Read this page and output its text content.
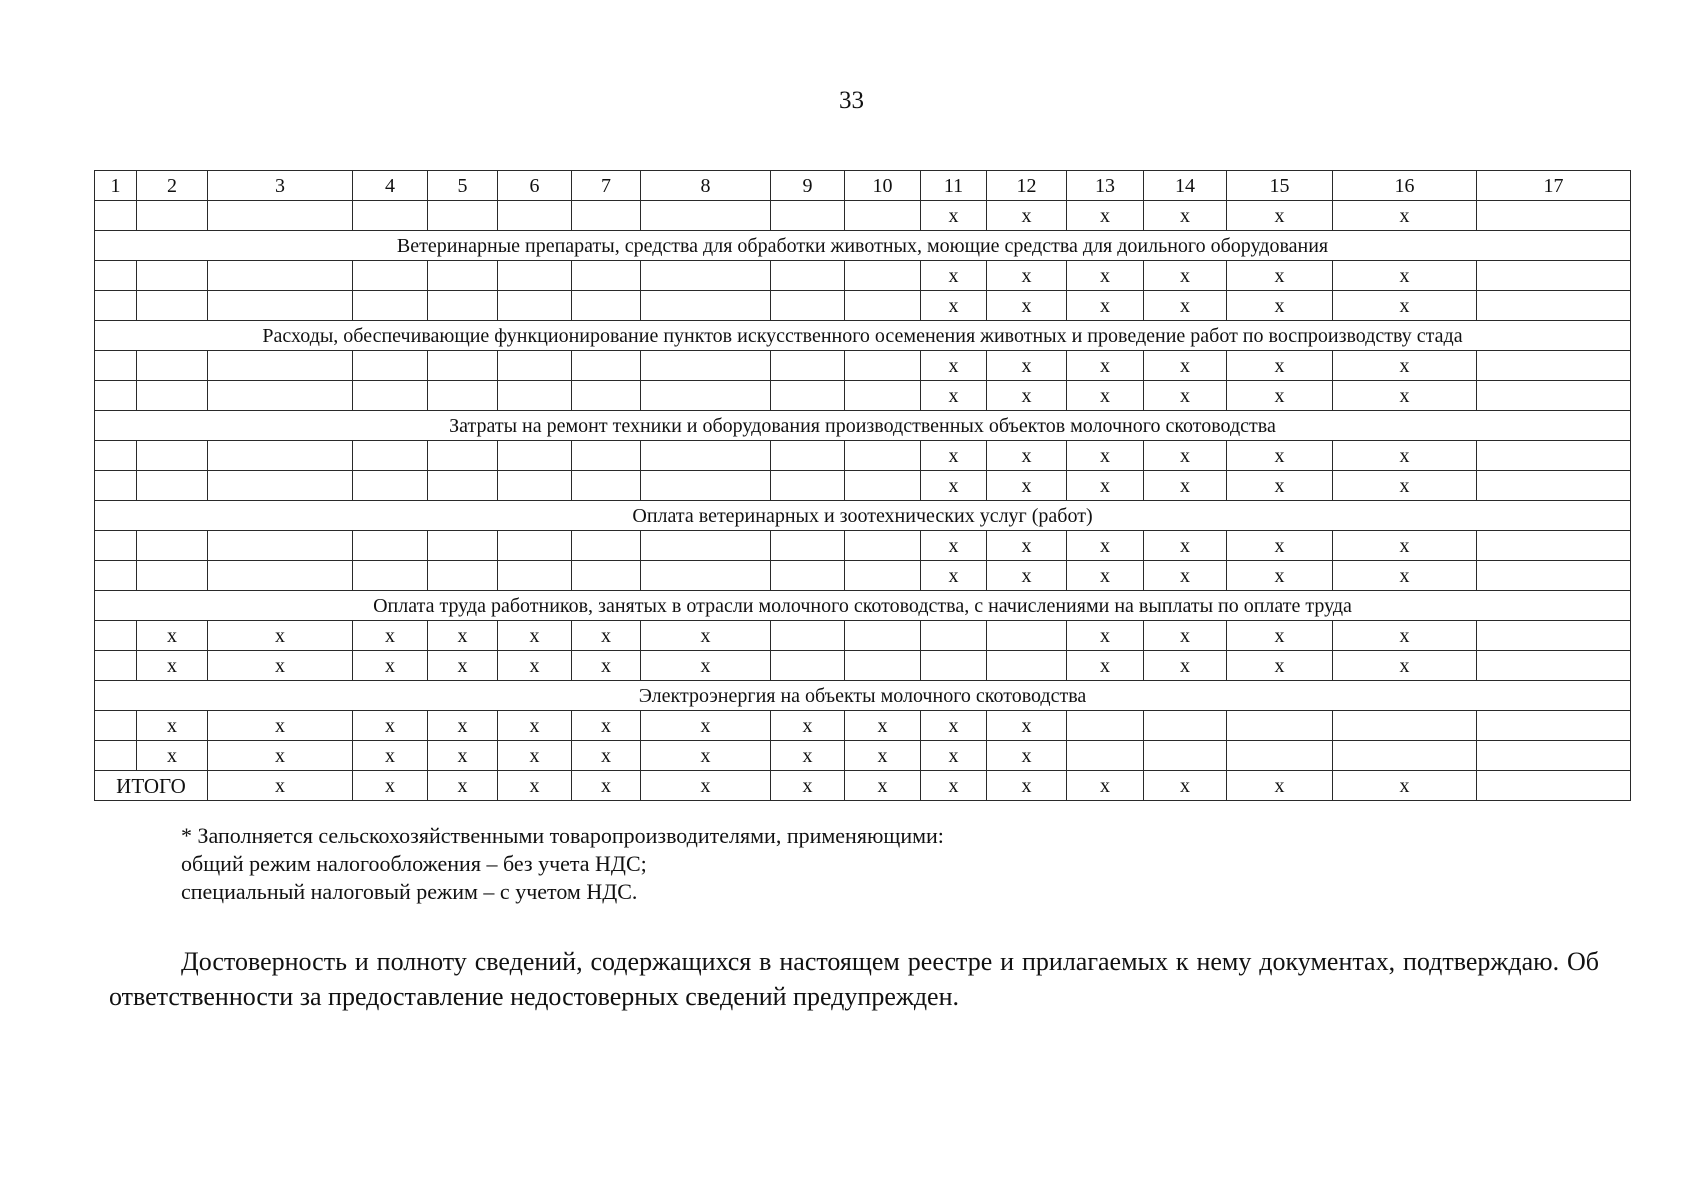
33
1	2	3	4	5	6	7	8	9	10	11	12	13	14	15	16	17
										x	x	x	x	x	x	
Ветеринарные препараты, средства для обработки животных, моющие средства для доильного оборудования																
										x	x	x	x	x	x	
										x	x	x	x	x	x	
Расходы, обеспечивающие функционирование пунктов искусственного осеменения животных и проведение работ по воспроизводству стада																
										x	x	x	x	x	x	
										x	x	x	x	x	x	
Затраты на ремонт техники и оборудования производственных объектов молочного скотоводства																
										x	x	x	x	x	x	
										x	x	x	x	x	x	
Оплата ветеринарных и зоотехнических услуг (работ)																
										x	x	x	x	x	x	
										x	x	x	x	x	x	
Оплата труда работников, занятых в отрасли молочного скотоводства, с начислениями на выплаты по оплате труда																
	x	x	x	x	x	x	x					x	x	x	x	
	x	x	x	x	x	x	x					x	x	x	x	
Электроэнергия на объекты молочного скотоводства																
	x	x	x	x	x	x	x	x	x	x	x					
	x	x	x	x	x	x	x	x	x	x	x					
ИТОГО		x	x	x	x	x	x	x	x	x	x	x	x	x	x	
* Заполняется сельскохозяйственными товаропроизводителями, применяющими:
общий режим налогообложения – без учета НДС;
специальный налоговый режим – с учетом НДС.

Достоверность и полноту сведений, содержащихся в настоящем реестре и прилагаемых к нему документах, подтверждаю. Об ответственности за предоставление недостоверных сведений предупрежден.
